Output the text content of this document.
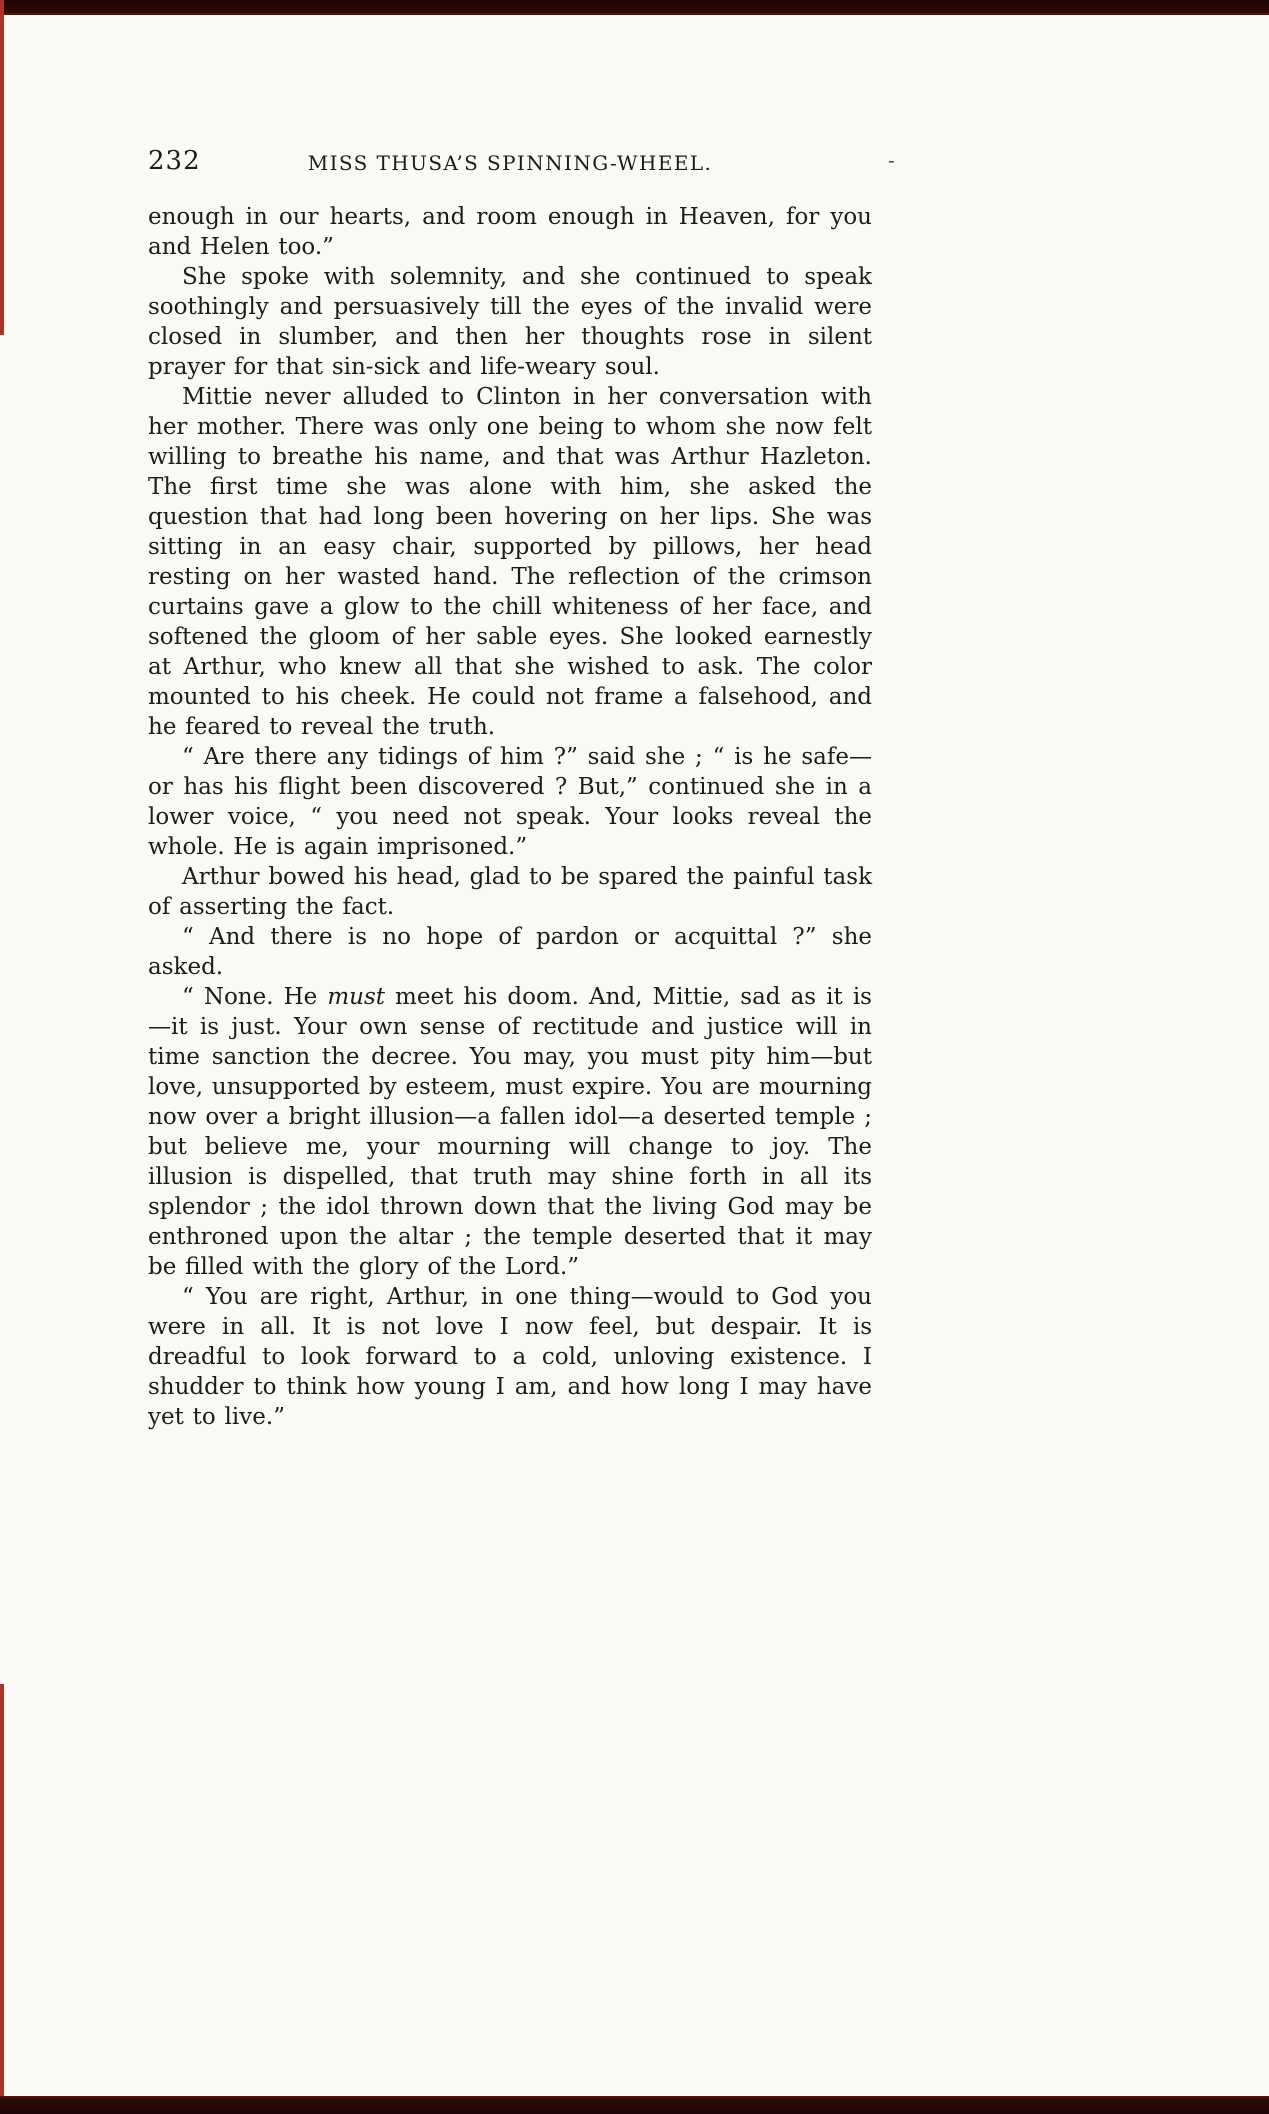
232	MISS THUSA’S SPINNING-WHEEL.	-

enough in our hearts, and room enough in Heaven, for you and Helen too.”

She spoke with solemnity, and she continued to speak soothingly and persuasively till the eyes of the invalid were closed in slumber, and then her thoughts rose in silent prayer for that sin-sick and life-weary soul.

Mittie never alluded to Clinton in her conversation with her mother. There was only one being to whom she now felt willing to breathe his name, and that was Arthur Hazleton. The first time she was alone with him, she asked the question that had long been hovering on her lips. She was sitting in an easy chair, supported by pillows, her head resting on her wasted hand. The reflection of the crimson curtains gave a glow to the chill whiteness of her face, and softened the gloom of her sable eyes. She looked earnestly at Arthur, who knew all that she wished to ask. The color mounted to his cheek. He could not frame a falsehood, and he feared to reveal the truth.

“ Are there any tidings of him ?” said she ; “ is he safe— or has his flight been discovered ? But,” continued she in a lower voice, “ you need not speak. Your looks reveal the whole. He is again imprisoned.”

Arthur bowed his head, glad to be spared the painful task of asserting the fact.

“ And there is no hope of pardon or acquittal ?” she asked.

“ None. He must meet his doom. And, Mittie, sad as it is—it is just. Your own sense of rectitude and justice will in time sanction the decree. You may, you must pity him—but love, unsupported by esteem, must expire. You are mourning now over a bright illusion—a fallen idol—a deserted temple ; but believe me, your mourning will change to joy. The illusion is dispelled, that truth may shine forth in all its splendor ; the idol thrown down that the living God may be enthroned upon the altar ; the temple deserted that it may be filled with the glory of the Lord.”

“ You are right, Arthur, in one thing—would to God you were in all. It is not love I now feel, but despair. It is dreadful to look forward to a cold, unloving existence. I shudder to think how young I am, and how long I may have yet to live.”
